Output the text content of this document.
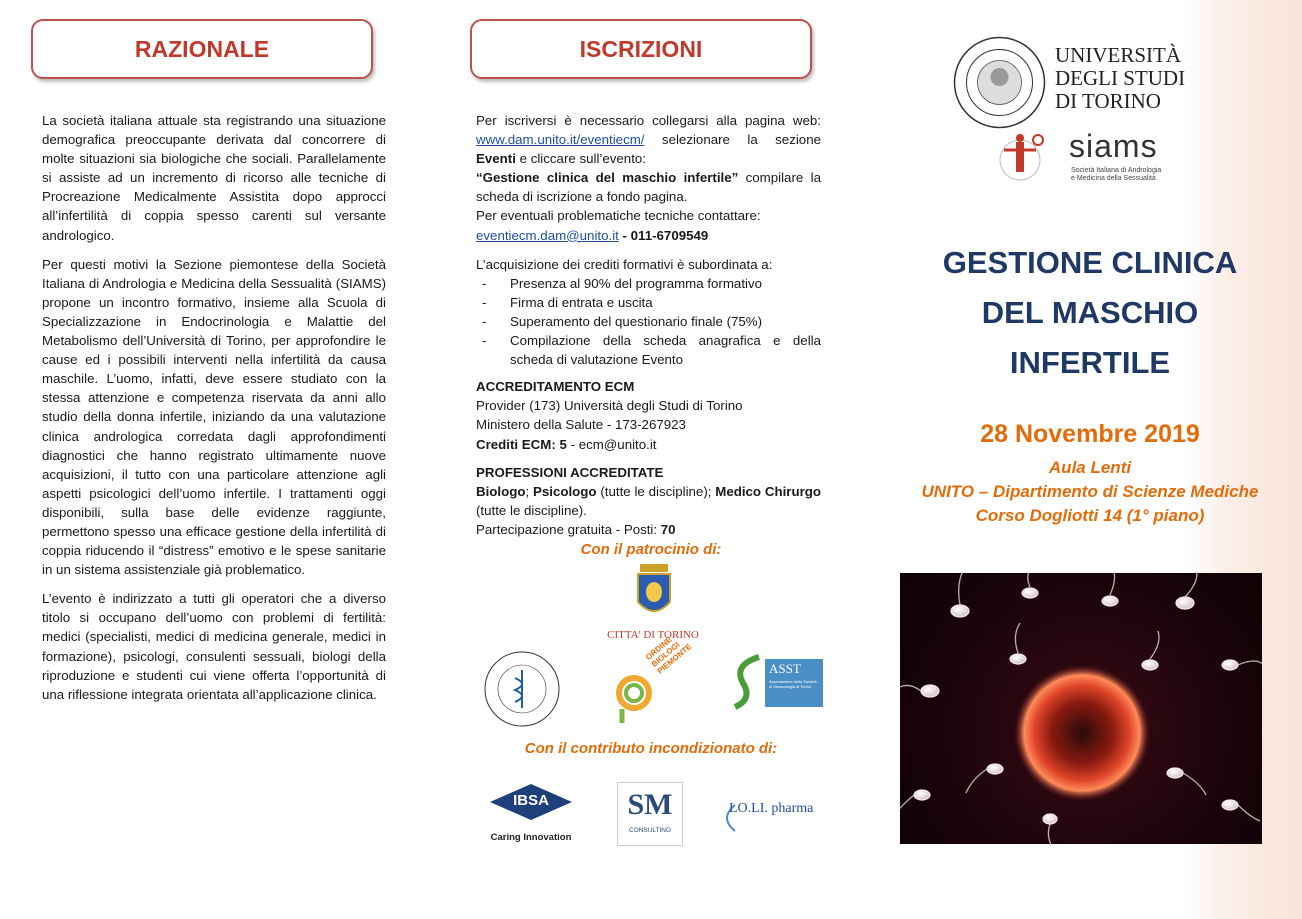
RAZIONALE

La società italiana attuale sta registrando una situazione demografica preoccupante derivata dal concorrere di molte situazioni sia biologiche che sociali. Parallelamente si assiste ad un incremento di ricorso alle tecniche di Procreazione Medicalmente Assistita dopo approcci all’infertilità di coppia spesso carenti sul versante andrologico.

Per questi motivi la Sezione piemontese della Società Italiana di Andrologia e Medicina della Sessualità (SIAMS) propone un incontro formativo, insieme alla Scuola di Specializzazione in Endocrinologia e Malattie del Metabolismo dell’Università di Torino, per approfondire le cause ed i possibili interventi nella infertilità da causa maschile. L’uomo, infatti, deve essere studiato con la stessa attenzione e competenza riservata da anni allo studio della donna infertile, iniziando da una valutazione clinica andrologica corredata dagli approfondimenti diagnostici che hanno registrato ultimamente nuove acquisizioni, il tutto con una particolare attenzione agli aspetti psicologici dell’uomo infertile. I trattamenti oggi disponibili, sulla base delle evidenze raggiunte, permettono spesso una efficace gestione della infertilità di coppia riducendo il “distress” emotivo e le spese sanitarie in un sistema assistenziale già problematico.

L’evento è indirizzato a tutti gli operatori che a diverso titolo si occupano dell’uomo con problemi di fertilità: medici (specialisti, medici di medicina generale, medici in formazione), psicologi, consulenti sessuali, biologi della riproduzione e studenti cui viene offerta l’opportunità di una riflessione integrata orientata all’applicazione clinica.

ISCRIZIONI

Per iscriversi è necessario collegarsi alla pagina web: www.dam.unito.it/eventiecm/ selezionare la sezione Eventi e cliccare sull’evento:
“Gestione clinica del maschio infertile” compilare la scheda di iscrizione a fondo pagina.
Per eventuali problematiche tecniche contattare:
eventiecm.dam@unito.it - 011-6709549

L’acquisizione dei crediti formativi è subordinata a:

- Presenza al 90% del programma formativo
- Firma di entrata e uscita
- Superamento del questionario finale (75%)
- Compilazione della scheda anagrafica e della scheda di valutazione Evento
ACCREDITAMENTO ECM
Provider (173) Università degli Studi di Torino
Ministero della Salute - 173-267923
Crediti ECM: 5 - ecm@unito.it
PROFESSIONI ACCREDITATE

Biologo; Psicologo (tutte le discipline); Medico Chirurgo (tutte le discipline).

Partecipazione gratuita - Posti: 70
Con il patrocinio di:
CITTA' DI TORINO
ORDINE BIOLOGI PIEMONTE	ASST
Associazione della Società di Sessuologia di Torino
Con il contributo incondizionato di:
IBSA
Caring Innovation
SM
CONSULTING
LO.LI. pharma
UNIVERSITÀ
DEGLI STUDI
DI TORINO
siams
Società Italiana di Andrologia
e Medicina della Sessualità
GESTIONE CLINICA
DEL MASCHIO
INFERTILE
28 Novembre 2019
Aula Lenti
UNITO – Dipartimento di Scienze Mediche
Corso Dogliotti 14 (1° piano)
